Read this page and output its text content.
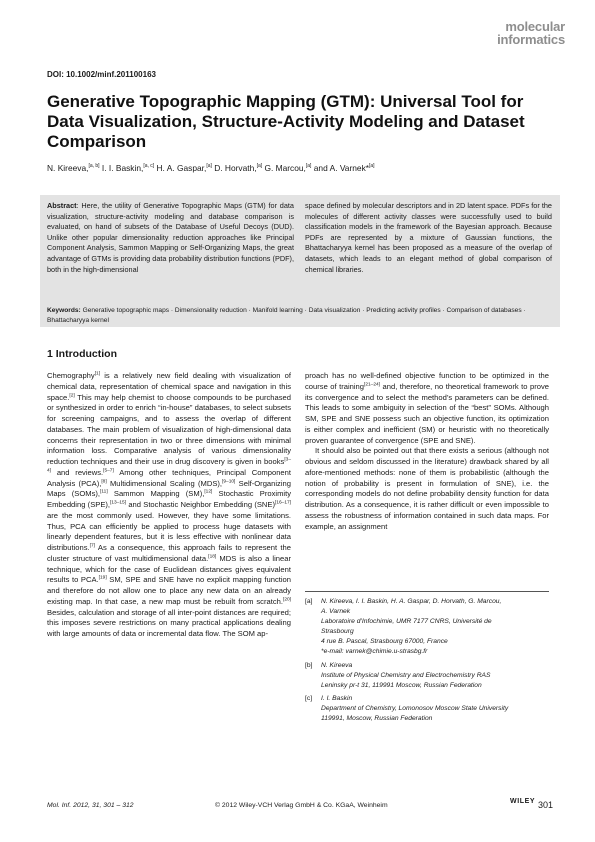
molecular
informatics
DOI: 10.1002/minf.201100163
Generative Topographic Mapping (GTM): Universal Tool for Data Visualization, Structure-Activity Modeling and Dataset Comparison
N. Kireeva,[a, b] I. I. Baskin,[a, c] H. A. Gaspar,[a] D. Horvath,[a] G. Marcou,[a] and A. Varnek*[a]
Abstract: Here, the utility of Generative Topographic Maps (GTM) for data visualization, structure-activity modeling and database comparison is evaluated, on hand of subsets of the Database of Useful Decoys (DUD). Unlike other popular dimensionality reduction approaches like Principal Component Analysis, Sammon Mapping or Self-Organizing Maps, the great advantage of GTMs is providing data probability distribution functions (PDF), both in the high-dimensional
space defined by molecular descriptors and in 2D latent space. PDFs for the molecules of different activity classes were successfully used to build classification models in the framework of the Bayesian approach. Because PDFs are represented by a mixture of Gaussian functions, the Bhattacharyya kernel has been proposed as a measure of the overlap of datasets, which leads to an elegant method of global comparison of chemical libraries.
Keywords: Generative topographic maps · Dimensionality reduction · Manifold learning · Data visualization · Predicting activity profiles · Comparison of databases · Bhattacharyya kernel
1 Introduction

Chemography[1] is a relatively new field dealing with visualization of chemical data, representation of chemical space and navigation in this space.[2] This may help chemist to choose compounds to be purchased or synthesized in order to enrich “in-house” databases, to select subsets for screening campaigns, and to assess the overlap of different databases. The main problem of visualization of high-dimensional data concerns their representation in two or three dimensions with minimal information loss. Comparative analysis of various dimensionality reduction techniques and their use in drug discovery is given in books[3–4] and reviews.[5–7] Among other techniques, Principal Component Analysis (PCA),[8] Multidimensional Scaling (MDS),[9–10] Self-Organizing Maps (SOMs),[11] Sammon Mapping (SM),[12] Stochastic Proximity Embedding (SPE),[13–15] and Stochastic Neighbor Embedding (SNE)[16–17] are the most commonly used. However, they have some limitations. Thus, PCA can efficiently be applied to process huge datasets with linearly dependent features, but it is less effective with nonlinear data distributions.[7] As a consequence, this approach fails to represent the cluster structure of vast multidimensional data.[18] MDS is also a linear technique, which for the case of Euclidean distances gives equivalent results to PCA.[19] SM, SPE and SNE have no explicit mapping function and therefore do not allow one to place any new data on an already existing map. In that case, a new map must be rebuilt from scratch.[20] Besides, calculation and storage of all inter-point distances are required; this imposes severe restrictions on many practical applications dealing with large amounts of data or incremental data flow. The SOM ap-

proach has no well-defined objective function to be optimized in the course of training[21–24] and, therefore, no theoretical framework to prove its convergence and to select the method’s parameters can be defined. This leads to some ambiguity in selection of the “best” SOMs. Although SM, SPE and SNE possess such an objective function, its optimization is either complex and inefficient (SM) or heuristic with no theoretically proven guarantee of convergence (SPE and SNE).

It should also be pointed out that there exists a serious (although not obvious and seldom discussed in the literature) drawback shared by all afore-mentioned methods: none of them is probabilistic (although the notion of probability is present in formulation of SNE), i.e. the corresponding models do not define probability density function for data distribution. As a consequence, it is rather difficult or even impossible to assess the robustness of information contained in such data maps. For example, an assignment

[a] N. Kireeva, I. I. Baskin, H. A. Gaspar, D. Horvath, G. Marcou,
A. Varnek
Laboratoire d’Infochimie, UMR 7177 CNRS, Université de
Strasbourg
4 rue B. Pascal, Strasbourg 67000, France
*e-mail: varnek@chimie.u-strasbg.fr
[b] N. Kireeva
Institute of Physical Chemistry and Electrochemistry RAS
Leninsky pr-t 31, 119991 Moscow, Russian Federation
[c] I. I. Baskin
Department of Chemistry, Lomonosov Moscow State University
119991, Moscow, Russian Federation
Mol. Inf. 2012, 31, 301 – 312	© 2012 Wiley-VCH Verlag GmbH & Co. KGaA, Weinheim
WILEY 301
